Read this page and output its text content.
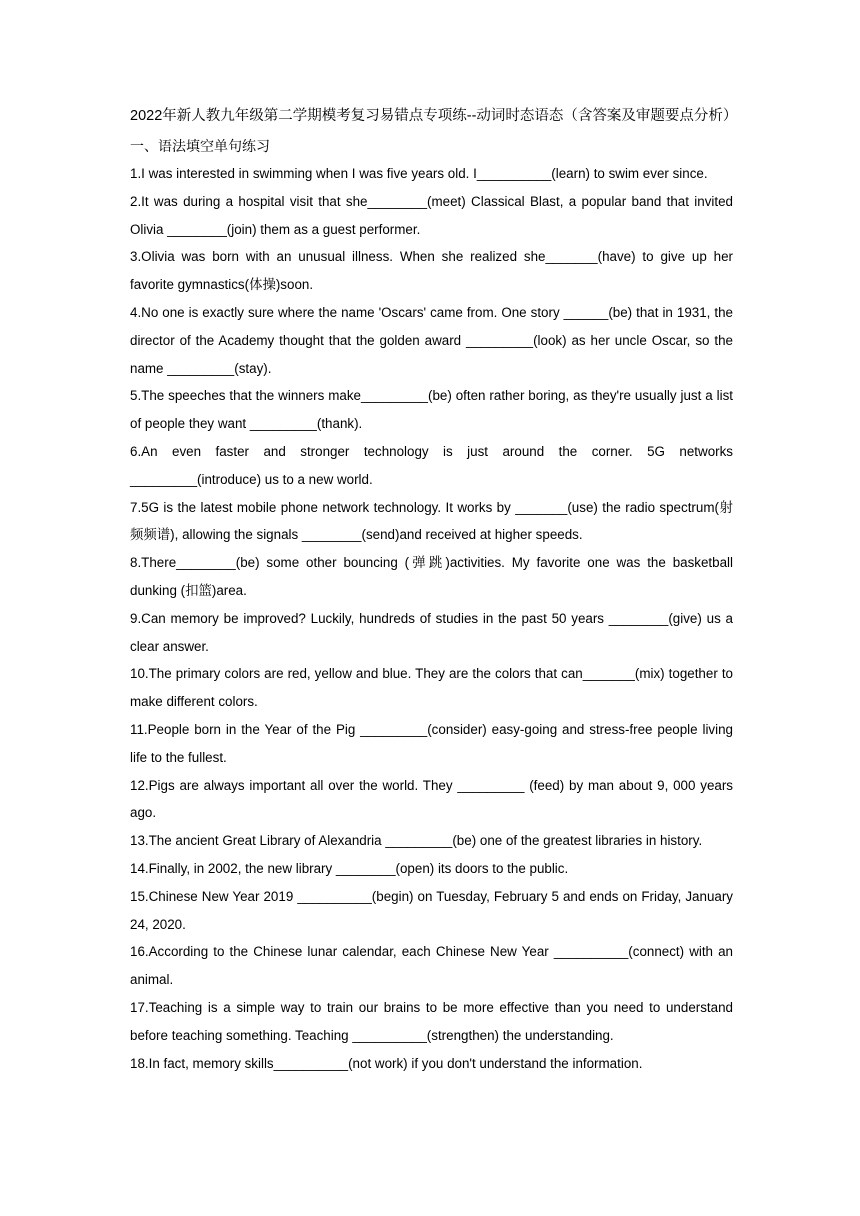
2022年新人教九年级第二学期模考复习易错点专项练--动词时态语态（含答案及审题要点分析）
一、语法填空单句练习
1.I was interested in swimming when I was five years old. I__________(learn) to swim ever since.
2.It was during a hospital visit that she________(meet) Classical Blast, a popular band that invited Olivia ________(join) them as a guest performer.
3.Olivia was born with an unusual illness. When she realized she_______(have) to give up her favorite gymnastics(体操)soon.
4.No one is exactly sure where the name 'Oscars' came from. One story ______(be) that in 1931, the director of the Academy thought that the golden award _________(look) as her uncle Oscar, so the name _________(stay).
5.The speeches that the winners make_________(be) often rather boring, as they're usually just a list of people they want _________(thank).
6.An even faster and stronger technology is just around the corner. 5G networks _________(introduce) us to a new world.
7.5G is the latest mobile phone network technology. It works by _______(use) the radio spectrum(射频频谱), allowing the signals ________(send)and received at higher speeds.
8.There________(be) some other bouncing (弹跳)activities. My favorite one was the basketball dunking (扣篮)area.
9.Can memory be improved? Luckily, hundreds of studies in the past 50 years ________(give) us a clear answer.
10.The primary colors are red, yellow and blue. They are the colors that can_______(mix) together to make different colors.
11.People born in the Year of the Pig _________(consider) easy-going and stress-free people living life to the fullest.
12.Pigs are always important all over the world. They _________ (feed) by man about 9, 000 years ago.
13.The ancient Great Library of Alexandria _________(be) one of the greatest libraries in history.
14.Finally, in 2002, the new library ________(open) its doors to the public.
15.Chinese New Year 2019 __________(begin) on Tuesday, February 5 and ends on Friday, January 24, 2020.
16.According to the Chinese lunar calendar, each Chinese New Year __________(connect) with an animal.
17.Teaching is a simple way to train our brains to be more effective than you need to understand before teaching something. Teaching __________(strengthen) the understanding.
18.In fact, memory skills__________(not work) if you don't understand the information.
